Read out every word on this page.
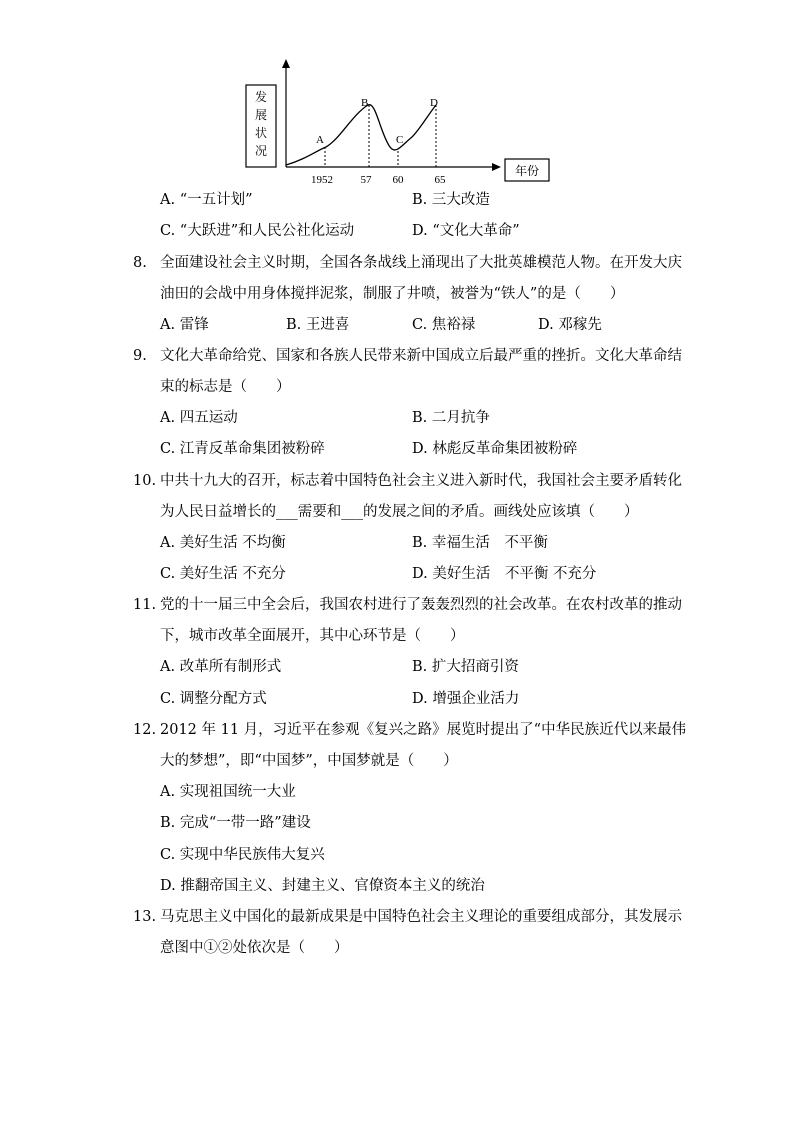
发
展
状
况
年份
A
B
C
D
1952	57 60	65
A. “一五计划”	B. 三大改造
C. “大跃进”和人民公社化运动	D. “文化大革命”
8. 全面建设社会主义时期，全国各条战线上涌现出了大批英雄模范人物。在开发大庆
油田的会战中用身体搅拌泥浆，制服了井喷，被誉为“铁人”的是（　　）
A. 雷锋	B. 王进喜	C. 焦裕禄	D. 邓稼先
9. 文化大革命给党、国家和各族人民带来新中国成立后最严重的挫折。文化大革命结
束的标志是（　　）
A. 四五运动	B. 二月抗争
C. 江青反革命集团被粉碎	D. 林彪反革命集团被粉碎
10. 中共十九大的召开，标志着中国特色社会主义进入新时代，我国社会主要矛盾转化
为人民日益增长的___需要和___的发展之间的矛盾。画线处应该填（　　）
A. 美好生活 不均衡	B. 幸福生活　不平衡
C. 美好生活 不充分	D. 美好生活　不平衡 不充分
11. 党的十一届三中全会后，我国农村进行了轰轰烈烈的社会改革。在农村改革的推动
下，城市改革全面展开，其中心环节是（　　）
A. 改革所有制形式	B. 扩大招商引资
C. 调整分配方式	D. 增强企业活力
12. 2012 年 11 月，习近平在参观《复兴之路》展览时提出了“中华民族近代以来最伟
大的梦想”，即“中国梦”，中国梦就是（　　）
A. 实现祖国统一大业
B. 完成“一带一路”建设
C. 实现中华民族伟大复兴
D. 推翻帝国主义、封建主义、官僚资本主义的统治
13. 马克思主义中国化的最新成果是中国特色社会主义理论的重要组成部分，其发展示
意图中①②处依次是（　　）
